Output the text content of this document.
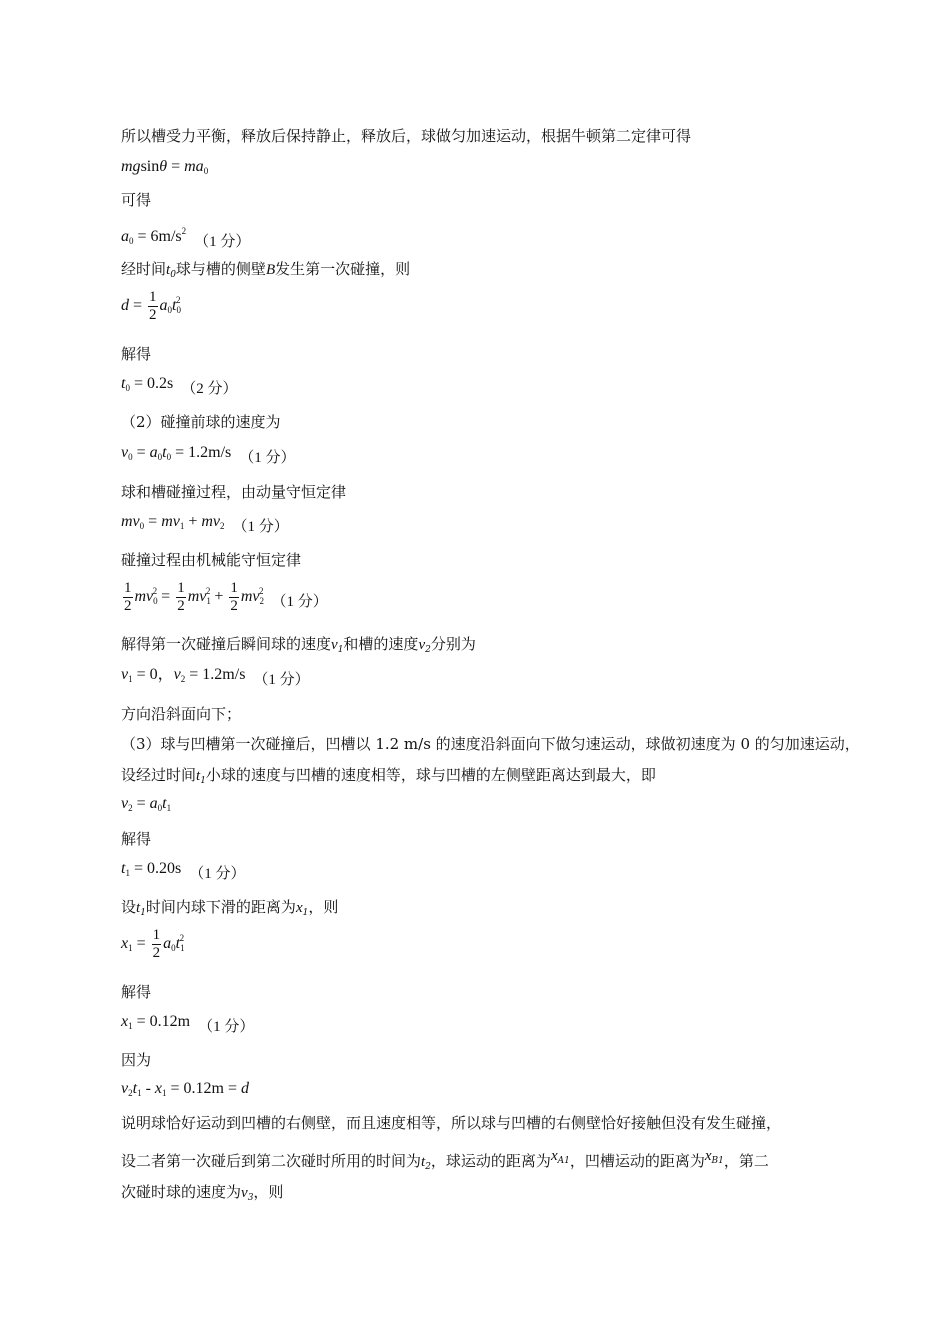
所以槽受力平衡，释放后保持静止，释放后，球做匀加速运动，根据牛顿第二定律可得
$mgsin\theta = ma_0$
可得
$a_0 = 6m/s^2(1$ 分）
经时间$t_0$球与槽的侧壁B发生第一次碰撞，则
$d = \frac{1}{2} a_0t_0^2$
解得
$t_0 = 0.2s$ （2 分）
（2）碰撞前球的速度为
$v_0 = a_0t_0 = 1.2m/s$ （1 分）
球和槽碰撞过程，由动量守恒定律
$mv_0 = mv_1 + mv_2$ （1 分）
碰撞过程由机械能守恒定律
$\frac{1}{2} mv_0^2 = \frac{1}{2} mv_1^2 + \frac{1}{2} mv_2^2(1$ 分）
解得第一次碰撞后瞬间球的速度$v_1$和槽的速度$v_2$分别为
$v_1 = 0$，$v_2 = 1.2m/s$ （1 分）
方向沿斜面向下；
（3）球与凹槽第一次碰撞后，凹槽以 1.2 m/s 的速度沿斜面向下做匀速运动，球做初速度为 0 的匀加速运动，设经过时间$t_1$小球的速度与凹槽的速度相等，球与凹槽的左侧壁距离达到最大，即
$v_2 = a_0t_1$
解得
$t_1 = 0.20s$ （1 分）
设$t_1$时间内球下滑的距离为$x_1$，则
$x_1 = \frac{1}{2} a_0t_1^2$
解得
$x_1 = 0.12m$ （1 分）
因为
$v_2t_1 - x_1 = 0.12m = d$
说明球恰好运动到凹槽的右侧壁，而且速度相等，所以球与凹槽的右侧壁恰好接触但没有发生碰撞，
设二者第一次碰后到第二次碰时所用的时间为$t_2$，球运动的距离为$x^{A1}$，凹槽运动的距离为$x^{B1}$，第二
次碰时球的速度为$v_3$，则
